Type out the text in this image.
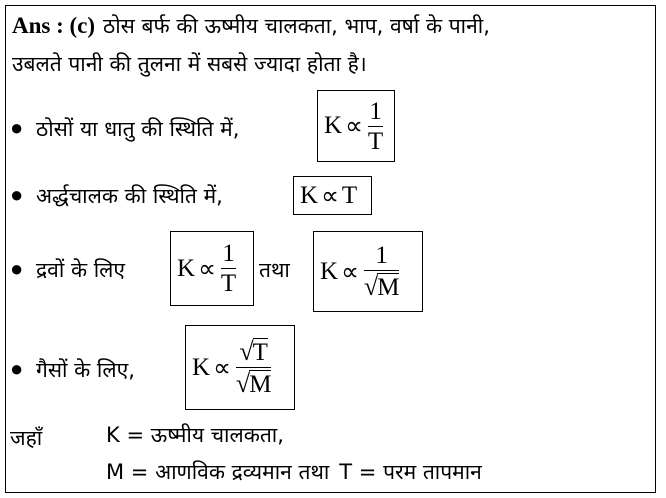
Ans : (c) ठोस बर्फ की ऊष्मीय चालकता, भाप, वर्षा के पानी,
उबलते पानी की तुलना में सबसे ज्यादा होता है।
● ठोसों या धातु की स्थिति में,	$K \propto \frac{1}{T}$
● अर्द्धचालक की स्थिति में,	K ∝ T
● द्रवों के लिए $K \propto \frac{1}{T}$ तथा $K \propto \frac{1}{√ M}$
● गैसों के लिए, $K \propto \frac{√ T}{√ M}$
जहाँ	K = ऊष्मीय चालकता,
M = आणविक द्रव्यमान तथा T = परम तापमान
